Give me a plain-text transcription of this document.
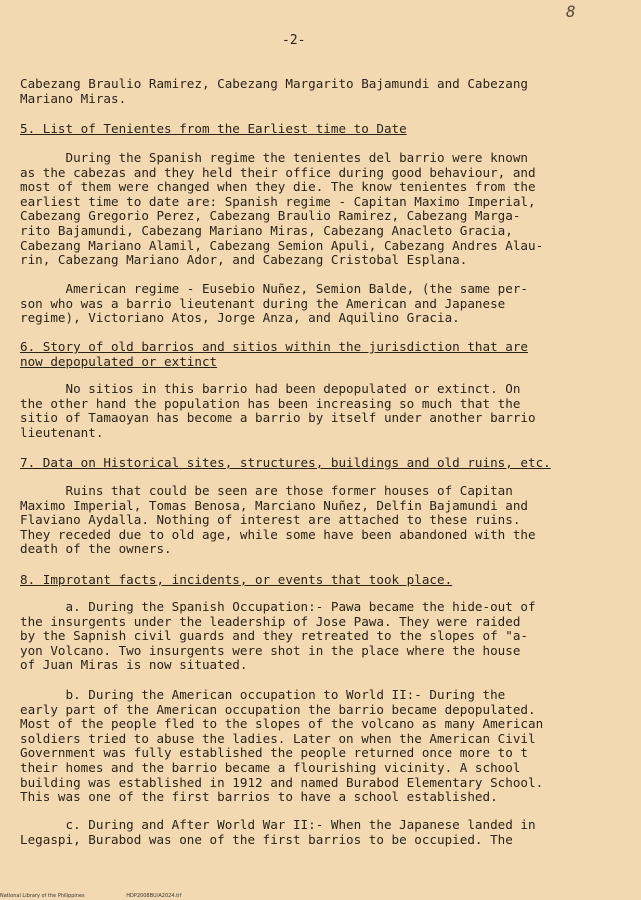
8
-2-
Cabezang Braulio Ramirez, Cabezang Margarito Bajamundi and Cabezang
Mariano Miras.
5. List of Tenientes from the Earliest time to Date
During the Spanish regime the tenientes del barrio were known
as the cabezas and they held their office during good behaviour, and
most of them were changed when they die. The know tenientes from the
earliest time to date are: Spanish regime - Capitan Maximo Imperial,
Cabezang Gregorio Perez, Cabezang Braulio Ramirez, Cabezang Marga-
rito Bajamundi, Cabezang Mariano Miras, Cabezang Anacleto Gracia,
Cabezang Mariano Alamil, Cabezang Semion Apuli, Cabezang Andres Alau-
rin, Cabezang Mariano Ador, and Cabezang Cristobal Esplana.
American regime - Eusebio Nuñez, Semion Balde, (the same per-
son who was a barrio lieutenant during the American and Japanese
regime), Victoriano Atos, Jorge Anza, and Aquilino Gracia.
6. Story of old barrios and sitios within the jurisdiction that are
now depopulated or extinct
No sitios in this barrio had been depopulated or extinct. On
the other hand the population has been increasing so much that the
sitio of Tamaoyan has become a barrio by itself under another barrio
lieutenant.
7. Data on Historical sites, structures, buildings and old ruins, etc.
Ruins that could be seen are those former houses of Capitan
Maximo Imperial, Tomas Benosa, Marciano Nuñez, Delfin Bajamundi and
Flaviano Aydalla. Nothing of interest are attached to these ruins.
They receded due to old age, while some have been abandoned with the
death of the owners.
8. Improtant facts, incidents, or events that took place.
a. During the Spanish Occupation:- Pawa became the hide-out of
the insurgents under the leadership of Jose Pawa. They were raided
by the Sapnish civil guards and they retreated to the slopes of "a-
yon Volcano. Two insurgents were shot in the place where the house
of Juan Miras is now situated.
b. During the American occupation to World II:- During the
early part of the American occupation the barrio became depopulated.
Most of the people fled to the slopes of the volcano as many American
soldiers tried to abuse the ladies. Later on when the American Civil
Government was fully established the people returned once more to t
their homes and the barrio became a flourishing vicinity. A school
building was established in 1912 and named Burabod Elementary School.
This was one of the first barrios to have a school established.
c. During and After World War II:- When the Japanese landed in
Legaspi, Burabod was one of the first barrios to be occupied. The
National Library of the Philippines	HDP2008BU/A2024.tif
